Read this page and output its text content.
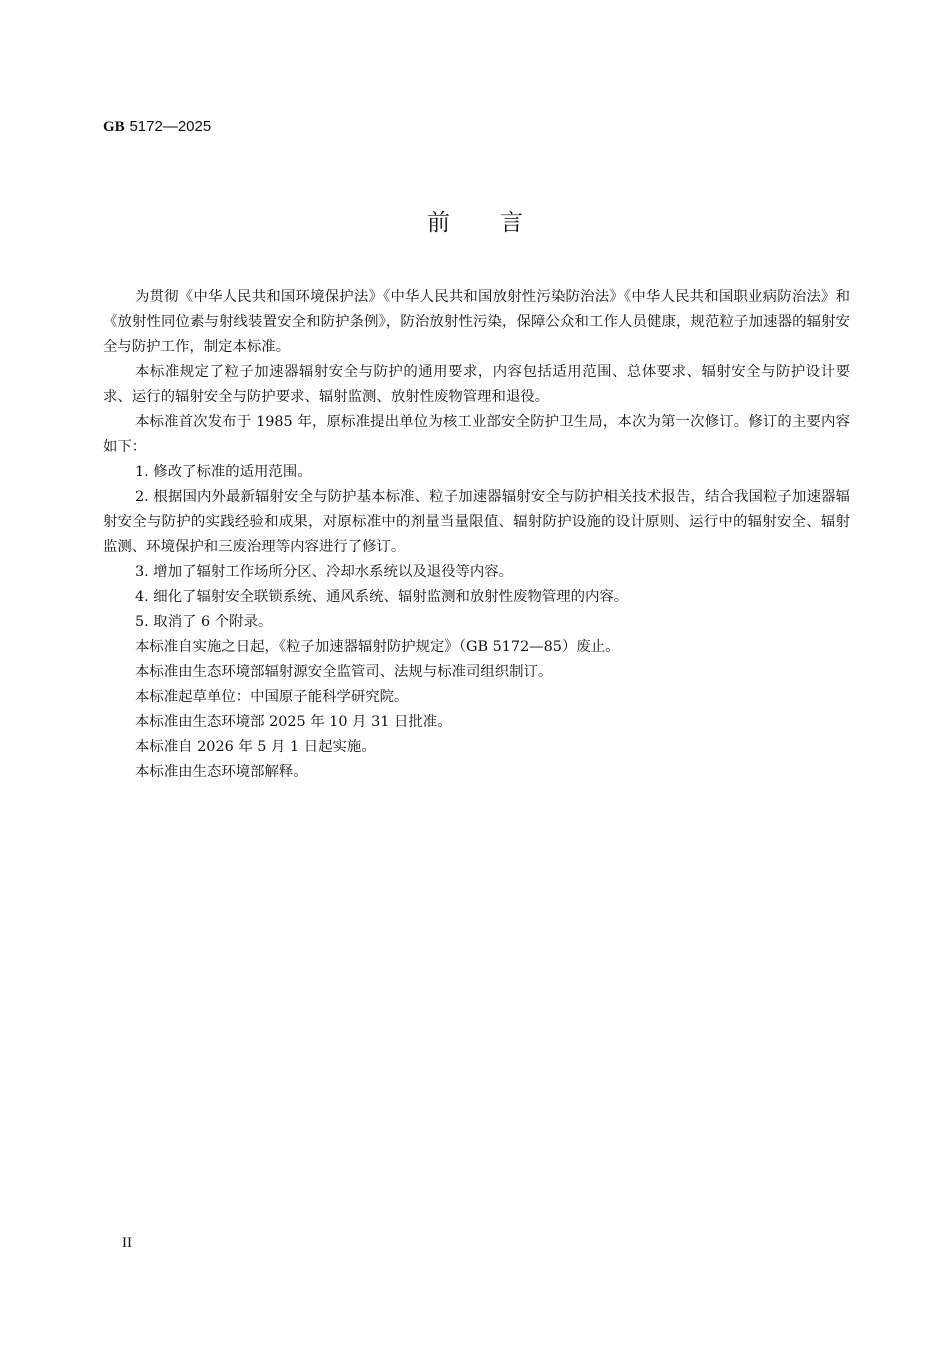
GB 5172—2025
前言

为贯彻《中华人民共和国环境保护法》《中华人民共和国放射性污染防治法》《中华人民共和国职业病防治法》和《放射性同位素与射线装置安全和防护条例》，防治放射性污染，保障公众和工作人员健康，规范粒子加速器的辐射安全与防护工作，制定本标准。

本标准规定了粒子加速器辐射安全与防护的通用要求，内容包括适用范围、总体要求、辐射安全与防护设计要求、运行的辐射安全与防护要求、辐射监测、放射性废物管理和退役。

本标准首次发布于 1985 年，原标准提出单位为核工业部安全防护卫生局，本次为第一次修订。修订的主要内容如下：

1. 修改了标准的适用范围。

2. 根据国内外最新辐射安全与防护基本标准、粒子加速器辐射安全与防护相关技术报告，结合我国粒子加速器辐射安全与防护的实践经验和成果，对原标准中的剂量当量限值、辐射防护设施的设计原则、运行中的辐射安全、辐射监测、环境保护和三废治理等内容进行了修订。

3. 增加了辐射工作场所分区、冷却水系统以及退役等内容。

4. 细化了辐射安全联锁系统、通风系统、辐射监测和放射性废物管理的内容。

5. 取消了 6 个附录。

本标准自实施之日起，《粒子加速器辐射防护规定》（GB 5172—85）废止。

本标准由生态环境部辐射源安全监管司、法规与标准司组织制订。

本标准起草单位：中国原子能科学研究院。

本标准由生态环境部 2025 年 10 月 31 日批准。

本标准自 2026 年 5 月 1 日起实施。

本标准由生态环境部解释。

II
